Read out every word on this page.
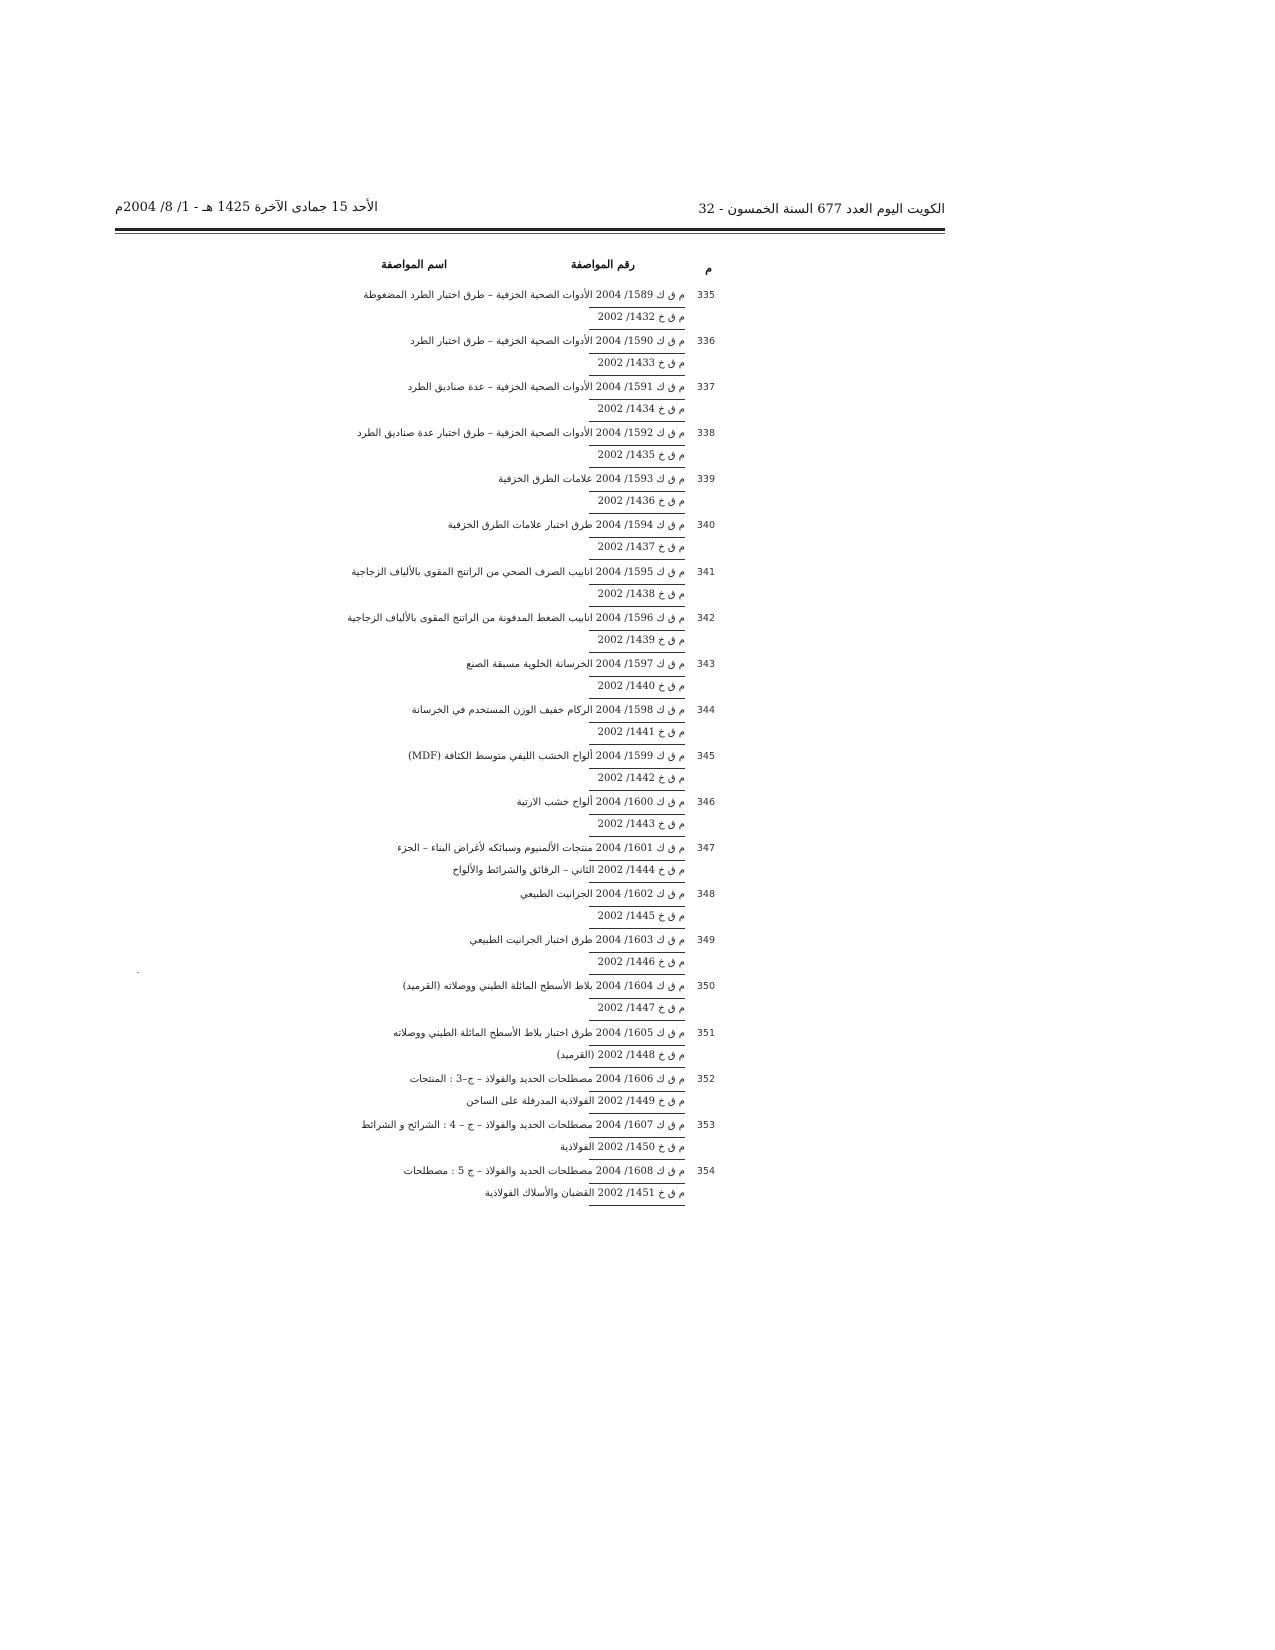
الأحد 15 جمادى الآخرة 1425 هـ - 1/ 8/ 2004م	الكويت اليوم العدد 677 السنة الخمسون - 32
م
رقم المواصفة
اسم المواصفة
335
م ق ك 1589/ 2004 الأدوات الصحية الخزفية – طرق اختبار الطرد المضغوطة
م ق خ 1432/ 2002
336
م ق ك 1590/ 2004 الأدوات الصحية الخزفية – طرق اختبار الطرد
م ق خ 1433/ 2002
337
م ق ك 1591/ 2004 الأدوات الصحية الخزفية – عدة صناديق الطرد
م ق خ 1434/ 2002
338
م ق ك 1592/ 2004 الأدوات الصحية الخزفية – طرق اختبار عدة صناديق الطرد
م ق خ 1435/ 2002
339
م ق ك 1593/ 2004 علامات الطرق الخزفية
م ق خ 1436/ 2002
340
م ق ك 1594/ 2004 طرق اختبار علامات الطرق الخزفية
م ق خ 1437/ 2002
341
م ق ك 1595/ 2004 انابيب الصرف الصحي من الراتنج المقوى بالألياف الزجاجية
م ق خ 1438/ 2002
342
م ق ك 1596/ 2004 انابيب الضغط المدفونة من الراتنج المقوى بالألياف الزجاجية
م ق خ 1439/ 2002
343
م ق ك 1597/ 2004 الخرسانة الخلوية مسبقة الصنع
م ق خ 1440/ 2002
344
م ق ك 1598/ 2004 الركام خفيف الوزن المستخدم في الخرسانة
م ق خ 1441/ 2002
345
م ق ك 1599/ 2004 ألواح الخشب الليفي متوسط الكثافة (MDF)
م ق خ 1442/ 2002
346
م ق ك 1600/ 2004 ألواح خشب الارتية
م ق خ 1443/ 2002
347
م ق ك 1601/ 2004 منتجات الألمنيوم وسبائكه لأغراض البناء – الجزء
م ق خ 1444/ 2002 الثاني – الرقائق والشرائط والألواح
348
م ق ك 1602/ 2004 الجرانيت الطبيعي
م ق خ 1445/ 2002
349
م ق ك 1603/ 2004 طرق اختبار الجرانيت الطبيعي
م ق خ 1446/ 2002
350
م ق ك 1604/ 2004 بلاط الأسطح المائلة الطيني ووصلاته (القرميد)
م ق خ 1447/ 2002
351
م ق ك 1605/ 2004 طرق اختبار بلاط الأسطح المائلة الطيني ووصلاته
م ق خ 1448/ 2002 (القرميد)
352
م ق ك 1606/ 2004 مصطلحات الحديد والفولاذ – ج–3 : المنتجات
م ق خ 1449/ 2002 الفولاذية المدرفلة على الساخن
353
م ق ك 1607/ 2004 مصطلحات الحديد والفولاذ – ج – 4 : الشرائح و الشرائط
م ق خ 1450/ 2002 الفولاذية
354
م ق ك 1608/ 2004 مصطلحات الحديد والفولاذ – ج 5 : مصطلحات
م ق خ 1451/ 2002 القضبان والأسلاك الفولاذية
